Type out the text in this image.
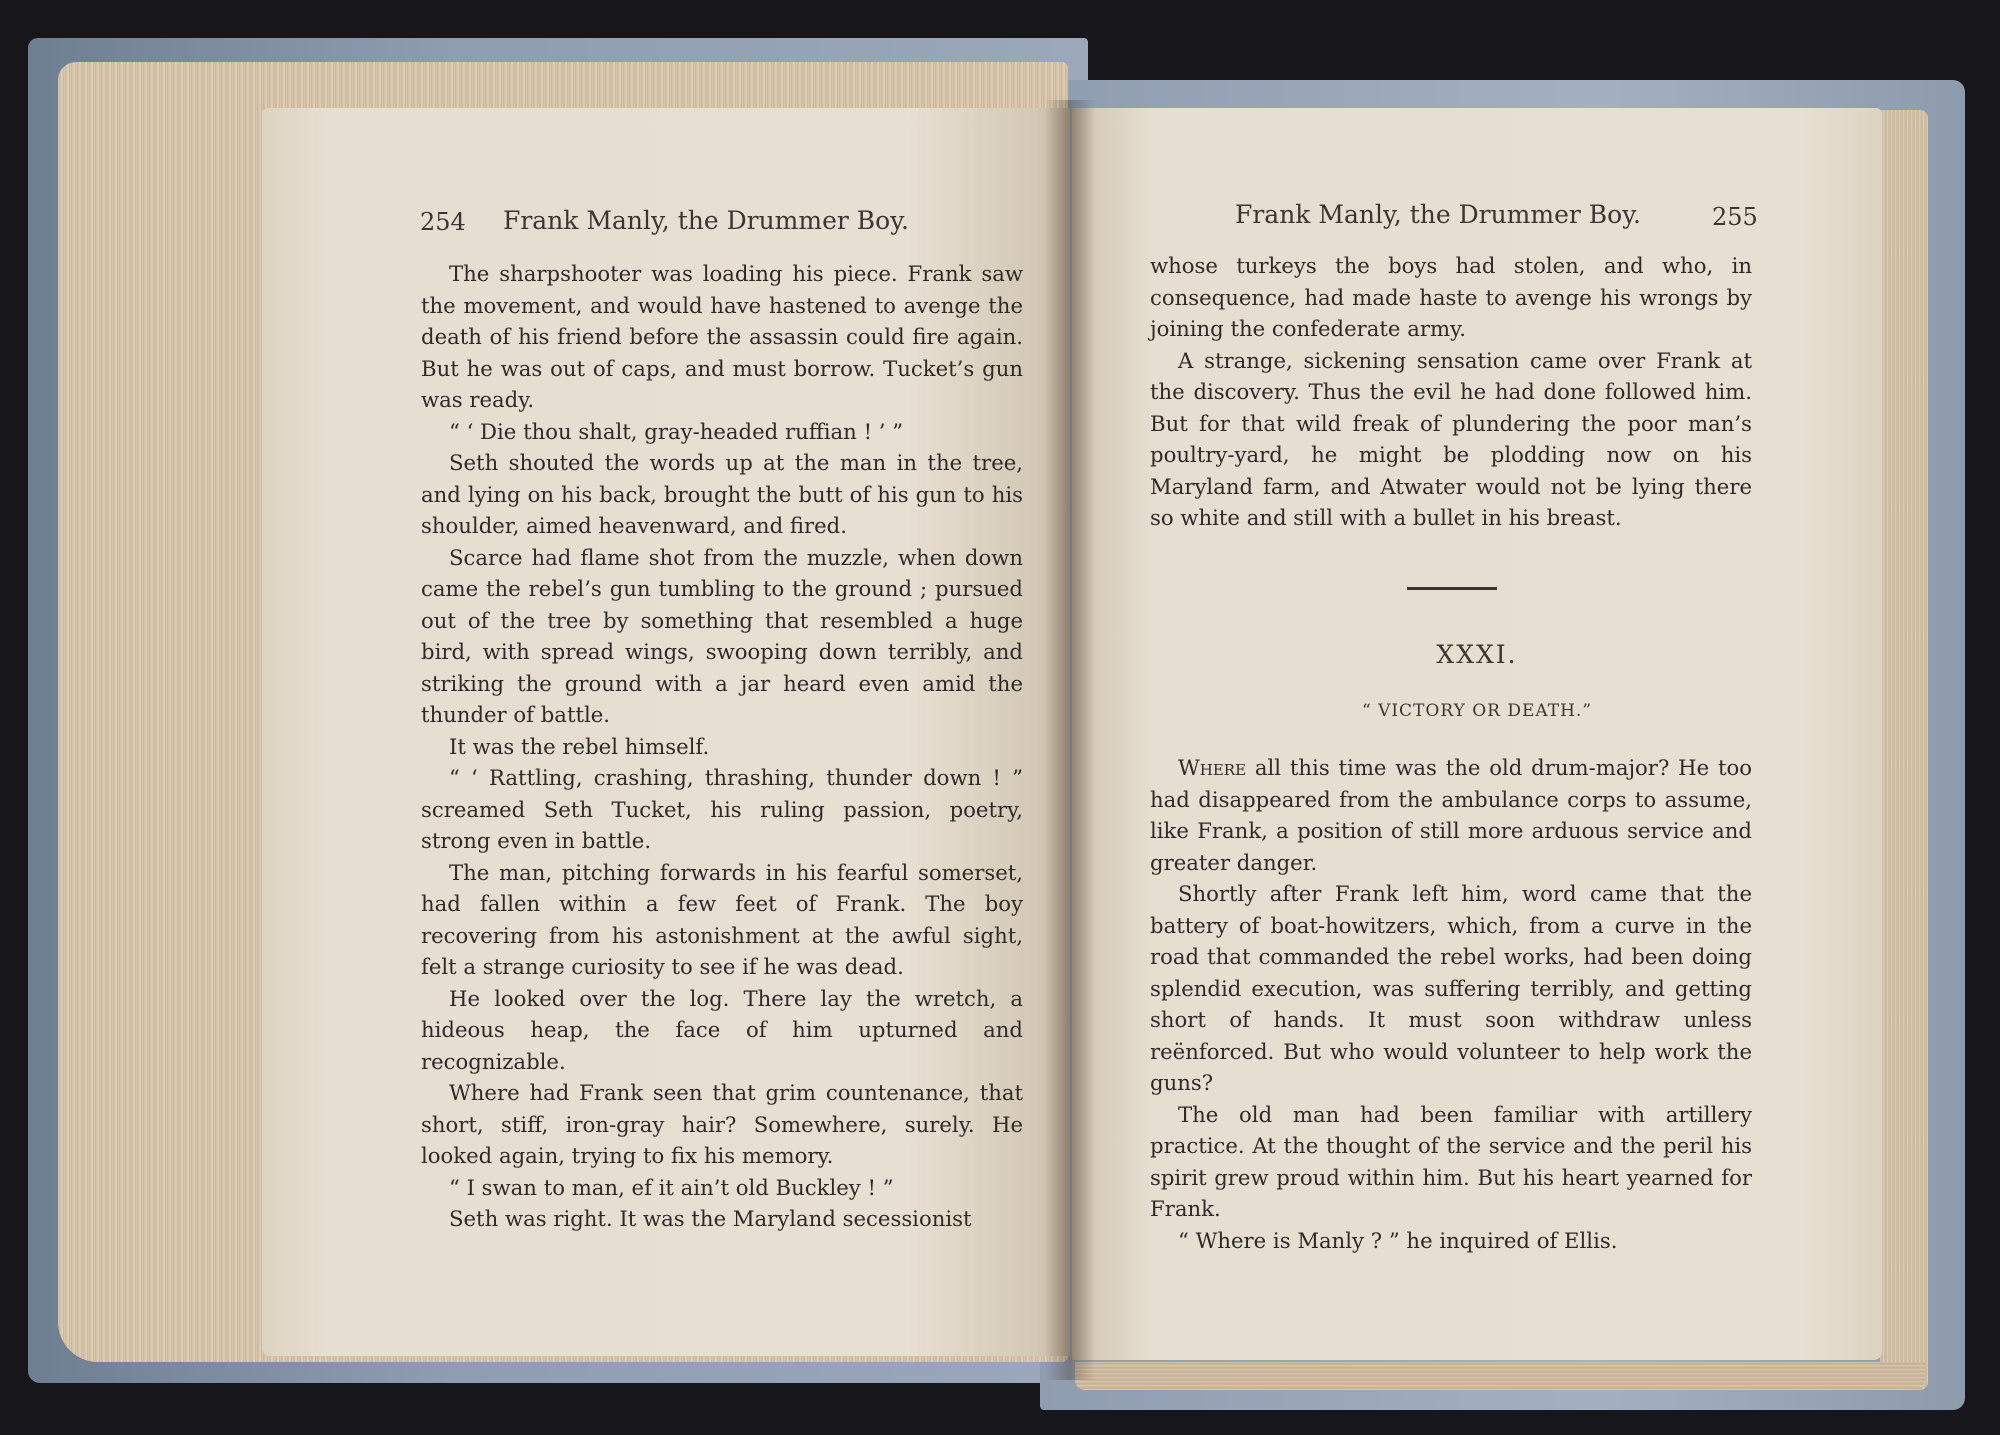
254 Frank Manly, the Drummer Boy.

The sharpshooter was loading his piece. Frank saw the movement, and would have hastened to avenge the death of his friend before the assassin could fire again. But he was out of caps, and must borrow. Tucket’s gun was ready.

“ ‘ Die thou shalt, gray-headed ruffian ! ’ ”

Seth shouted the words up at the man in the tree, and lying on his back, brought the butt of his gun to his shoulder, aimed heavenward, and fired.

Scarce had flame shot from the muzzle, when down came the rebel’s gun tumbling to the ground ; pursued out of the tree by something that resembled a huge bird, with spread wings, swooping down terribly, and striking the ground with a jar heard even amid the thunder of battle.

It was the rebel himself.

“ ‘ Rattling, crashing, thrashing, thunder down ! ” screamed Seth Tucket, his ruling passion, poetry, strong even in battle.

The man, pitching forwards in his fearful somerset, had fallen within a few feet of Frank. The boy recovering from his astonishment at the awful sight, felt a strange curiosity to see if he was dead.

He looked over the log. There lay the wretch, a hideous heap, the face of him upturned and recognizable.

Where had Frank seen that grim countenance, that short, stiff, iron-gray hair? Somewhere, surely. He looked again, trying to fix his memory.

“ I swan to man, ef it ain’t old Buckley ! ”

Seth was right. It was the Maryland secessionist

Frank Manly, the Drummer Boy.	255

whose turkeys the boys had stolen, and who, in consequence, had made haste to avenge his wrongs by joining the confederate army.

A strange, sickening sensation came over Frank at the discovery. Thus the evil he had done followed him. But for that wild freak of plundering the poor man’s poultry-yard, he might be plodding now on his Maryland farm, and Atwater would not be lying there so white and still with a bullet in his breast.

XXXI.
“ VICTORY OR DEATH.”

Where all this time was the old drum-major? He too had disappeared from the ambulance corps to assume, like Frank, a position of still more arduous service and greater danger.

Shortly after Frank left him, word came that the battery of boat-howitzers, which, from a curve in the road that commanded the rebel works, had been doing splendid execution, was suffering terribly, and getting short of hands. It must soon withdraw unless reënforced. But who would volunteer to help work the guns?

The old man had been familiar with artillery practice. At the thought of the service and the peril his spirit grew proud within him. But his heart yearned for Frank.

“ Where is Manly ? ” he inquired of Ellis.
